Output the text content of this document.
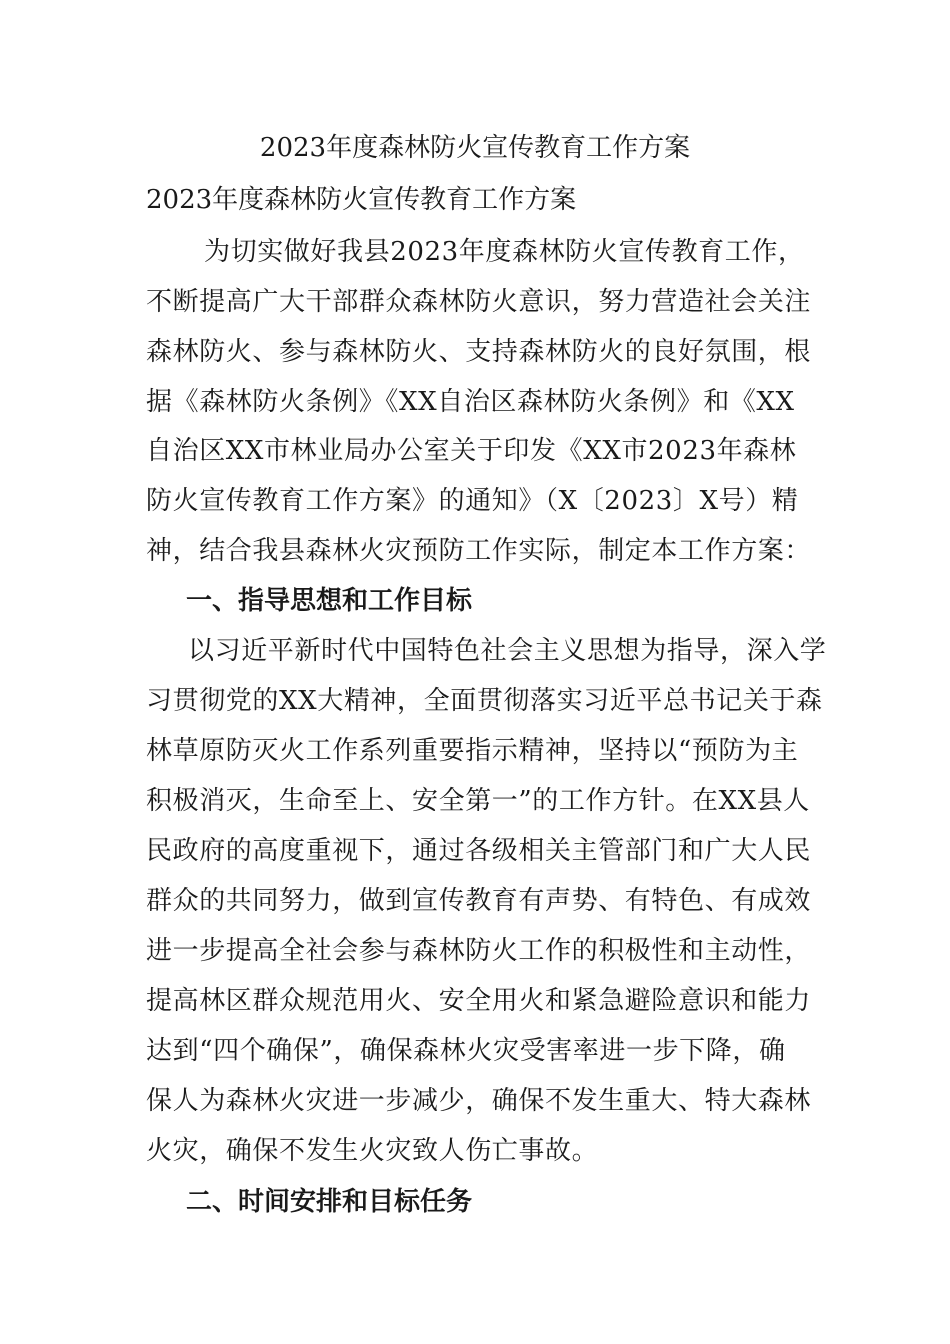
2023年度森林防火宣传教育工作方案
2023年度森林防火宣传教育工作方案

为切实做好我县2023年度森林防火宣传教育工作，

不断提高广大干部群众森林防火意识，努力营造社会关注

森林防火、参与森林防火、支持森林防火的良好氛围，根

据《森林防火条例》《XX自治区森林防火条例》和《XX

自治区XX市林业局办公室关于印发《XX市2023年森林

防火宣传教育工作方案》的通知》（X〔2023〕X号）精

神，结合我县森林火灾预防工作实际，制定本工作方案：

一、指导思想和工作目标

以习近平新时代中国特色社会主义思想为指导，深入学

习贯彻党的XX大精神，全面贯彻落实习近平总书记关于森

林草原防灭火工作系列重要指示精神，坚持以“预防为主

积极消灭，生命至上、安全第一”的工作方针。在XX县人

民政府的高度重视下，通过各级相关主管部门和广大人民

群众的共同努力，做到宣传教育有声势、有特色、有成效

进一步提高全社会参与森林防火工作的积极性和主动性，

提高林区群众规范用火、安全用火和紧急避险意识和能力

达到“四个确保”，确保森林火灾受害率进一步下降，确

保人为森林火灾进一步减少，确保不发生重大、特大森林

火灾，确保不发生火灾致人伤亡事故。

二、时间安排和目标任务
